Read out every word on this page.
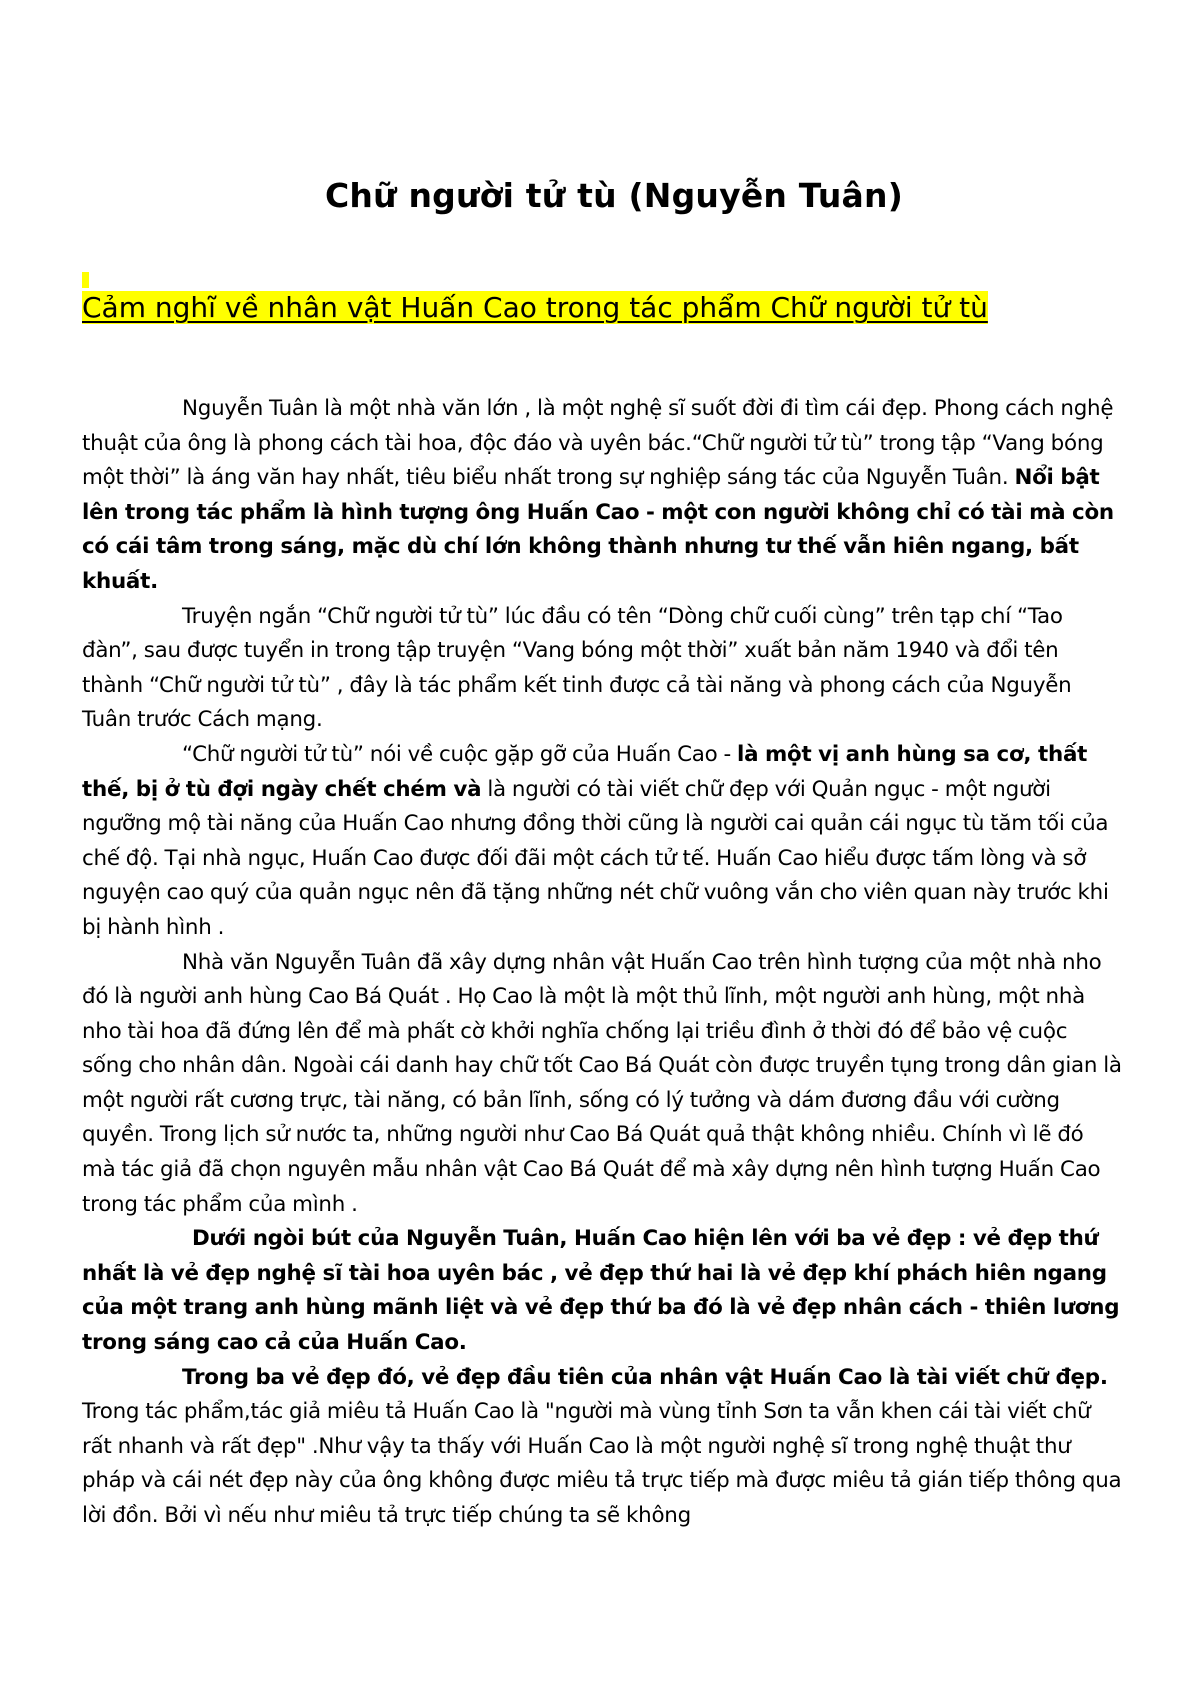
Chữ người tử tù (Nguyễn Tuân)
Cảm nghĩ về nhân vật Huấn Cao trong tác phẩm Chữ người tử tù

Nguyễn Tuân là một nhà văn lớn , là một nghệ sĩ suốt đời đi tìm cái đẹp. Phong cách nghệ thuật của ông là phong cách tài hoa, độc đáo và uyên bác.“Chữ người tử tù” trong tập “Vang bóng một thời” là áng văn hay nhất, tiêu biểu nhất trong sự nghiệp sáng tác của Nguyễn Tuân. Nổi bật lên trong tác phẩm là hình tượng ông Huấn Cao - một con người không chỉ có tài mà còn có cái tâm trong sáng, mặc dù chí lớn không thành nhưng tư thế vẫn hiên ngang, bất khuất.

Truyện ngắn “Chữ người tử tù” lúc đầu có tên “Dòng chữ cuối cùng” trên tạp chí “Tao đàn”, sau được tuyển in trong tập truyện “Vang bóng một thời” xuất bản năm 1940 và đổi tên thành “Chữ người tử tù” , đây là tác phẩm kết tinh được cả tài năng và phong cách của Nguyễn Tuân trước Cách mạng.

“Chữ người tử tù” nói về cuộc gặp gỡ của Huấn Cao - là một vị anh hùng sa cơ, thất thế, bị ở tù đợi ngày chết chém và là người có tài viết chữ đẹp với Quản ngục - một người ngưỡng mộ tài năng của Huấn Cao nhưng đồng thời cũng là người cai quản cái ngục tù tăm tối của chế độ. Tại nhà ngục, Huấn Cao được đối đãi một cách tử tế. Huấn Cao hiểu được tấm lòng và sở nguyện cao quý của quản ngục nên đã tặng những nét chữ vuông vắn cho viên quan này trước khi bị hành hình .

Nhà văn Nguyễn Tuân đã xây dựng nhân vật Huấn Cao trên hình tượng của một nhà nho đó là người anh hùng Cao Bá Quát . Họ Cao là một là một thủ lĩnh, một người anh hùng, một nhà nho tài hoa đã đứng lên để mà phất cờ khởi nghĩa chống lại triều đình ở thời đó để bảo vệ cuộc sống cho nhân dân. Ngoài cái danh hay chữ tốt Cao Bá Quát còn được truyền tụng trong dân gian là một người rất cương trực, tài năng, có bản lĩnh, sống có lý tưởng và dám đương đầu với cường quyền. Trong lịch sử nước ta, những người như Cao Bá Quát quả thật không nhiều. Chính vì lẽ đó mà tác giả đã chọn nguyên mẫu nhân vật Cao Bá Quát để mà xây dựng nên hình tượng Huấn Cao trong tác phẩm của mình .

Dưới ngòi bút của Nguyễn Tuân, Huấn Cao hiện lên với ba vẻ đẹp : vẻ đẹp thứ nhất là vẻ đẹp nghệ sĩ tài hoa uyên bác , vẻ đẹp thứ hai là vẻ đẹp khí phách hiên ngang của một trang anh hùng mãnh liệt và vẻ đẹp thứ ba đó là vẻ đẹp nhân cách - thiên lương trong sáng cao cả của Huấn Cao.

Trong ba vẻ đẹp đó, vẻ đẹp đầu tiên của nhân vật Huấn Cao là tài viết chữ đẹp. Trong tác phẩm,tác giả miêu tả Huấn Cao là "người mà vùng tỉnh Sơn ta vẫn khen cái tài viết chữ rất nhanh và rất đẹp" .Như vậy ta thấy với Huấn Cao là một người nghệ sĩ trong nghệ thuật thư pháp và cái nét đẹp này của ông không được miêu tả trực tiếp mà được miêu tả gián tiếp thông qua lời đồn. Bởi vì nếu như miêu tả trực tiếp chúng ta sẽ không
